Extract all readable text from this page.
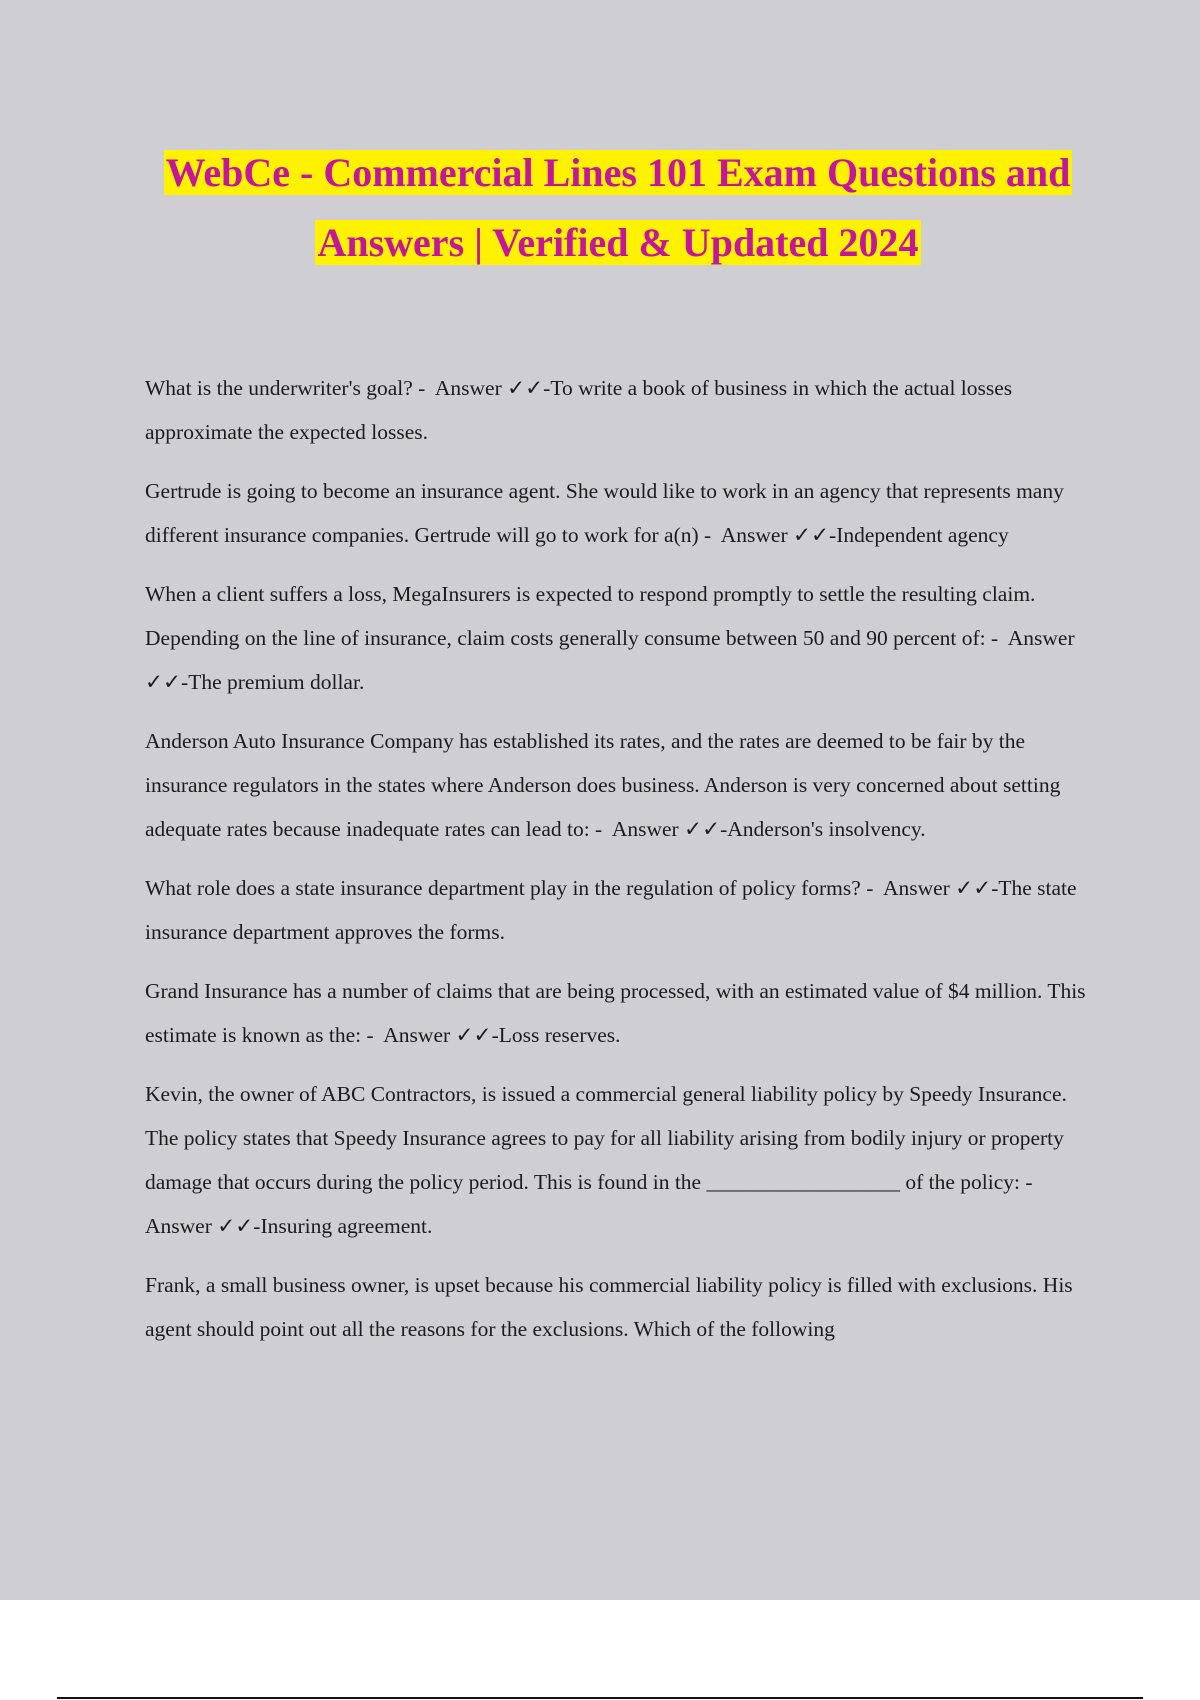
WebCe - Commercial Lines 101 Exam Questions and
Answers | Verified & Updated 2024

What is the underwriter's goal? - Answer ✓✓-To write a book of business in which the actual losses approximate the expected losses.

Gertrude is going to become an insurance agent. She would like to work in an agency that represents many different insurance companies. Gertrude will go to work for a(n) - Answer ✓✓-Independent agency

When a client suffers a loss, MegaInsurers is expected to respond promptly to settle the resulting claim. Depending on the line of insurance, claim costs generally consume between 50 and 90 percent of: - Answer ✓✓-The premium dollar.

Anderson Auto Insurance Company has established its rates, and the rates are deemed to be fair by the insurance regulators in the states where Anderson does business. Anderson is very concerned about setting adequate rates because inadequate rates can lead to: - Answer ✓✓-Anderson's insolvency.

What role does a state insurance department play in the regulation of policy forms? - Answer ✓✓-The state insurance department approves the forms.

Grand Insurance has a number of claims that are being processed, with an estimated value of $4 million. This estimate is known as the: - Answer ✓✓-Loss reserves.

Kevin, the owner of ABC Contractors, is issued a commercial general liability policy by Speedy Insurance. The policy states that Speedy Insurance agrees to pay for all liability arising from bodily injury or property damage that occurs during the policy period. This is found in the __________________ of the policy: -  Answer ✓✓-Insuring agreement.

Frank, a small business owner, is upset because his commercial liability policy is filled with exclusions. His agent should point out all the reasons for the exclusions. Which of the following
